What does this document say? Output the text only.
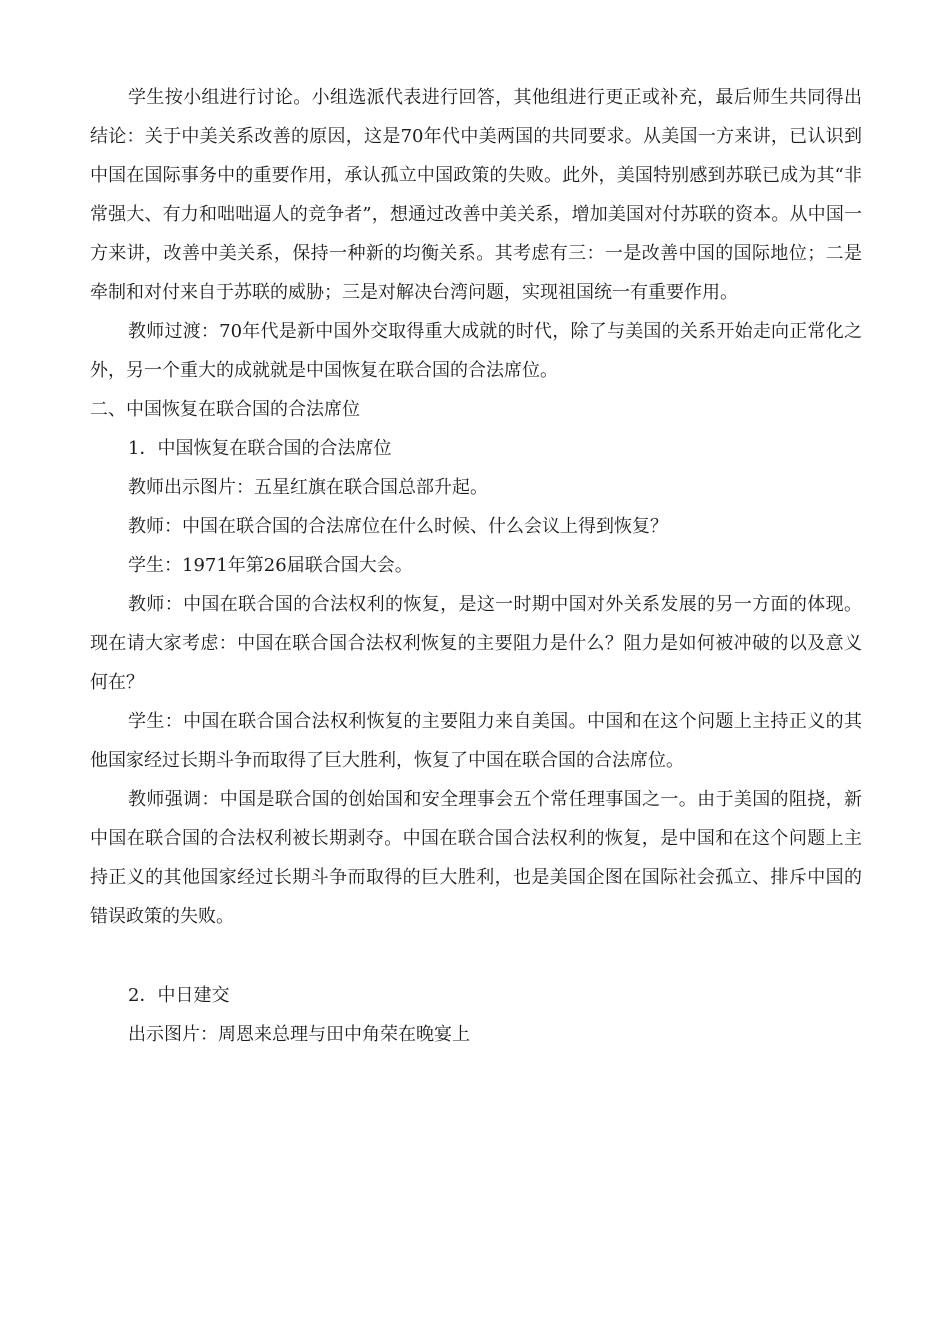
学生按小组进行讨论。小组选派代表进行回答，其他组进行更正或补充，最后师生共同得出结论：关于中美关系改善的原因，这是70年代中美两国的共同要求。从美国一方来讲，已认识到中国在国际事务中的重要作用，承认孤立中国政策的失败。此外，美国特别感到苏联已成为其“非常强大、有力和咄咄逼人的竞争者”，想通过改善中美关系，增加美国对付苏联的资本。从中国一方来讲，改善中美关系，保持一种新的均衡关系。其考虑有三：一是改善中国的国际地位；二是牵制和对付来自于苏联的威胁；三是对解决台湾问题，实现祖国统一有重要作用。

教师过渡：70年代是新中国外交取得重大成就的时代，除了与美国的关系开始走向正常化之外，另一个重大的成就就是中国恢复在联合国的合法席位。

二、中国恢复在联合国的合法席位

1．中国恢复在联合国的合法席位

教师出示图片：五星红旗在联合国总部升起。

教师：中国在联合国的合法席位在什么时候、什么会议上得到恢复？

学生：1971年第26届联合国大会。

教师：中国在联合国的合法权利的恢复，是这一时期中国对外关系发展的另一方面的体现。现在请大家考虑：中国在联合国合法权利恢复的主要阻力是什么？阻力是如何被冲破的以及意义何在？

学生：中国在联合国合法权利恢复的主要阻力来自美国。中国和在这个问题上主持正义的其他国家经过长期斗争而取得了巨大胜利，恢复了中国在联合国的合法席位。

教师强调：中国是联合国的创始国和安全理事会五个常任理事国之一。由于美国的阻挠，新中国在联合国的合法权利被长期剥夺。中国在联合国合法权利的恢复，是中国和在这个问题上主持正义的其他国家经过长期斗争而取得的巨大胜利，也是美国企图在国际社会孤立、排斥中国的错误政策的失败。

2．中日建交

出示图片：周恩来总理与田中角荣在晚宴上
